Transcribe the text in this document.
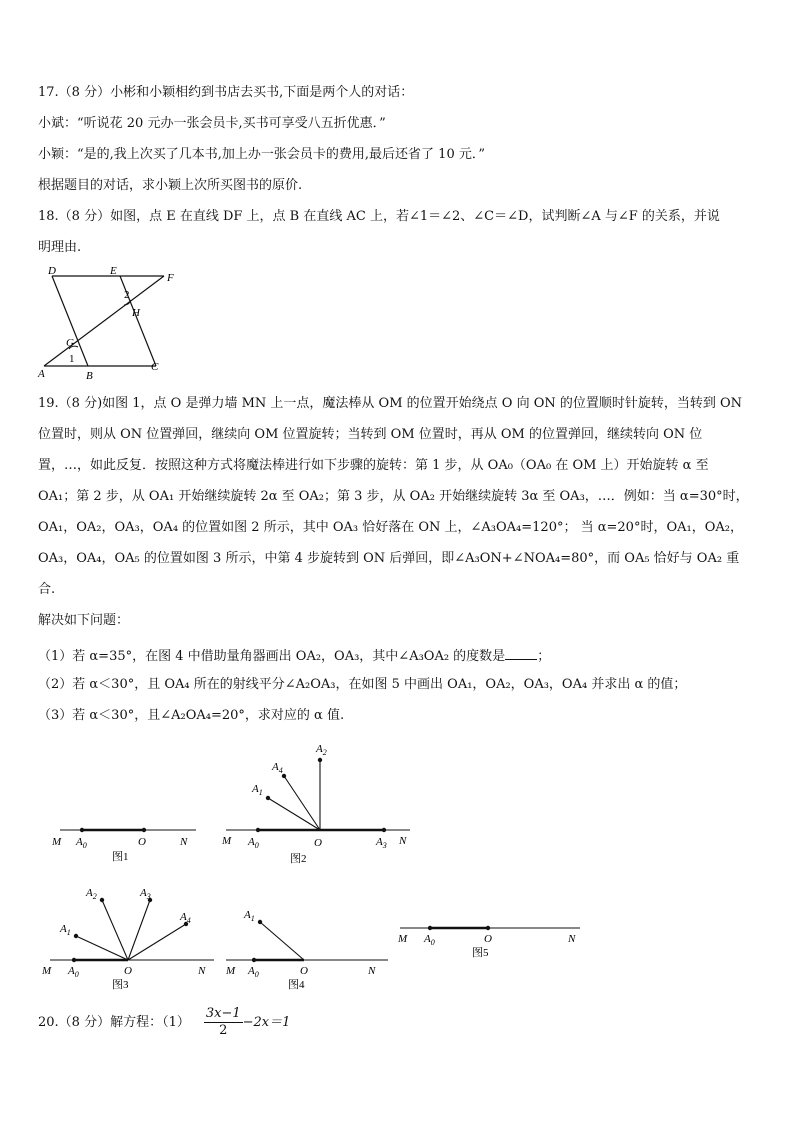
17.（8 分）小彬和小颖相约到书店去买书,下面是两个人的对话：
小斌：“听说花 20 元办一张会员卡,买书可享受八五折优惠．”
小颖：“是的,我上次买了几本书,加上办一张会员卡的费用,最后还省了 10 元．”
根据题目的对话，求小颖上次所买图书的原价.
18.（8 分）如图，点 E 在直线 DF 上，点 B 在直线 AC 上，若∠1＝∠2、∠C＝∠D，试判断∠A 与∠F 的关系，并说
明理由.
D	E
F
A	B
C
G
H
1
2
19.（8 分)如图 1，点 O 是弹力墙 MN 上一点，魔法棒从 OM 的位置开始绕点 O 向 ON 的位置顺时针旋转，当转到 ON
位置时，则从 ON 位置弹回，继续向 OM 位置旋转；当转到 OM 位置时，再从 OM 的位置弹回，继续转向 ON 位
置，…，如此反复．按照这种方式将魔法棒进行如下步骤的旋转：第 1 步，从 OA₀（OA₀ 在 OM 上）开始旋转 α 至
OA₁；第 2 步，从 OA₁ 开始继续旋转 2α 至 OA₂；第 3 步，从 OA₂ 开始继续旋转 3α 至 OA₃，…．例如：当 α=30°时，
OA₁，OA₂，OA₃，OA₄ 的位置如图 2 所示，其中 OA₃ 恰好落在 ON 上，∠A₃OA₄=120°； 当 α=20°时，OA₁，OA₂，
OA₃，OA₄，OA₅ 的位置如图 3 所示，中第 4 步旋转到 ON 后弹回，即∠A₃ON+∠NOA₄=80°，而 OA₅ 恰好与 OA₂ 重
合.
解决如下问题：
（1）若 α=35°，在图 4 中借助量角器画出 OA₂，OA₃，其中∠A₃OA₂ 的度数是 ；
（2）若 α＜30°，且 OA₄ 所在的射线平分∠A₂OA₃，在如图 5 中画出 OA₁，OA₂，OA₃，OA₄ 并求出 α 的值；
（3）若 α＜30°，且∠A₂OA₄=20°，求对应的 α 值.
M $A_0$	O	N
图1
$A_2$
$A_4$
$A_1$
M $A_0$	O	$A_3$ N
图2
$A_1$
$A_2$	$A_3$
$A_4$
M $A_0$	O	N
图3
$A_1$
M $A_0$	O	N
图4
M $A_0$	O	N
图5
20.（8 分）解方程：$(1) \frac{3x-1}{2} -2x=1$
